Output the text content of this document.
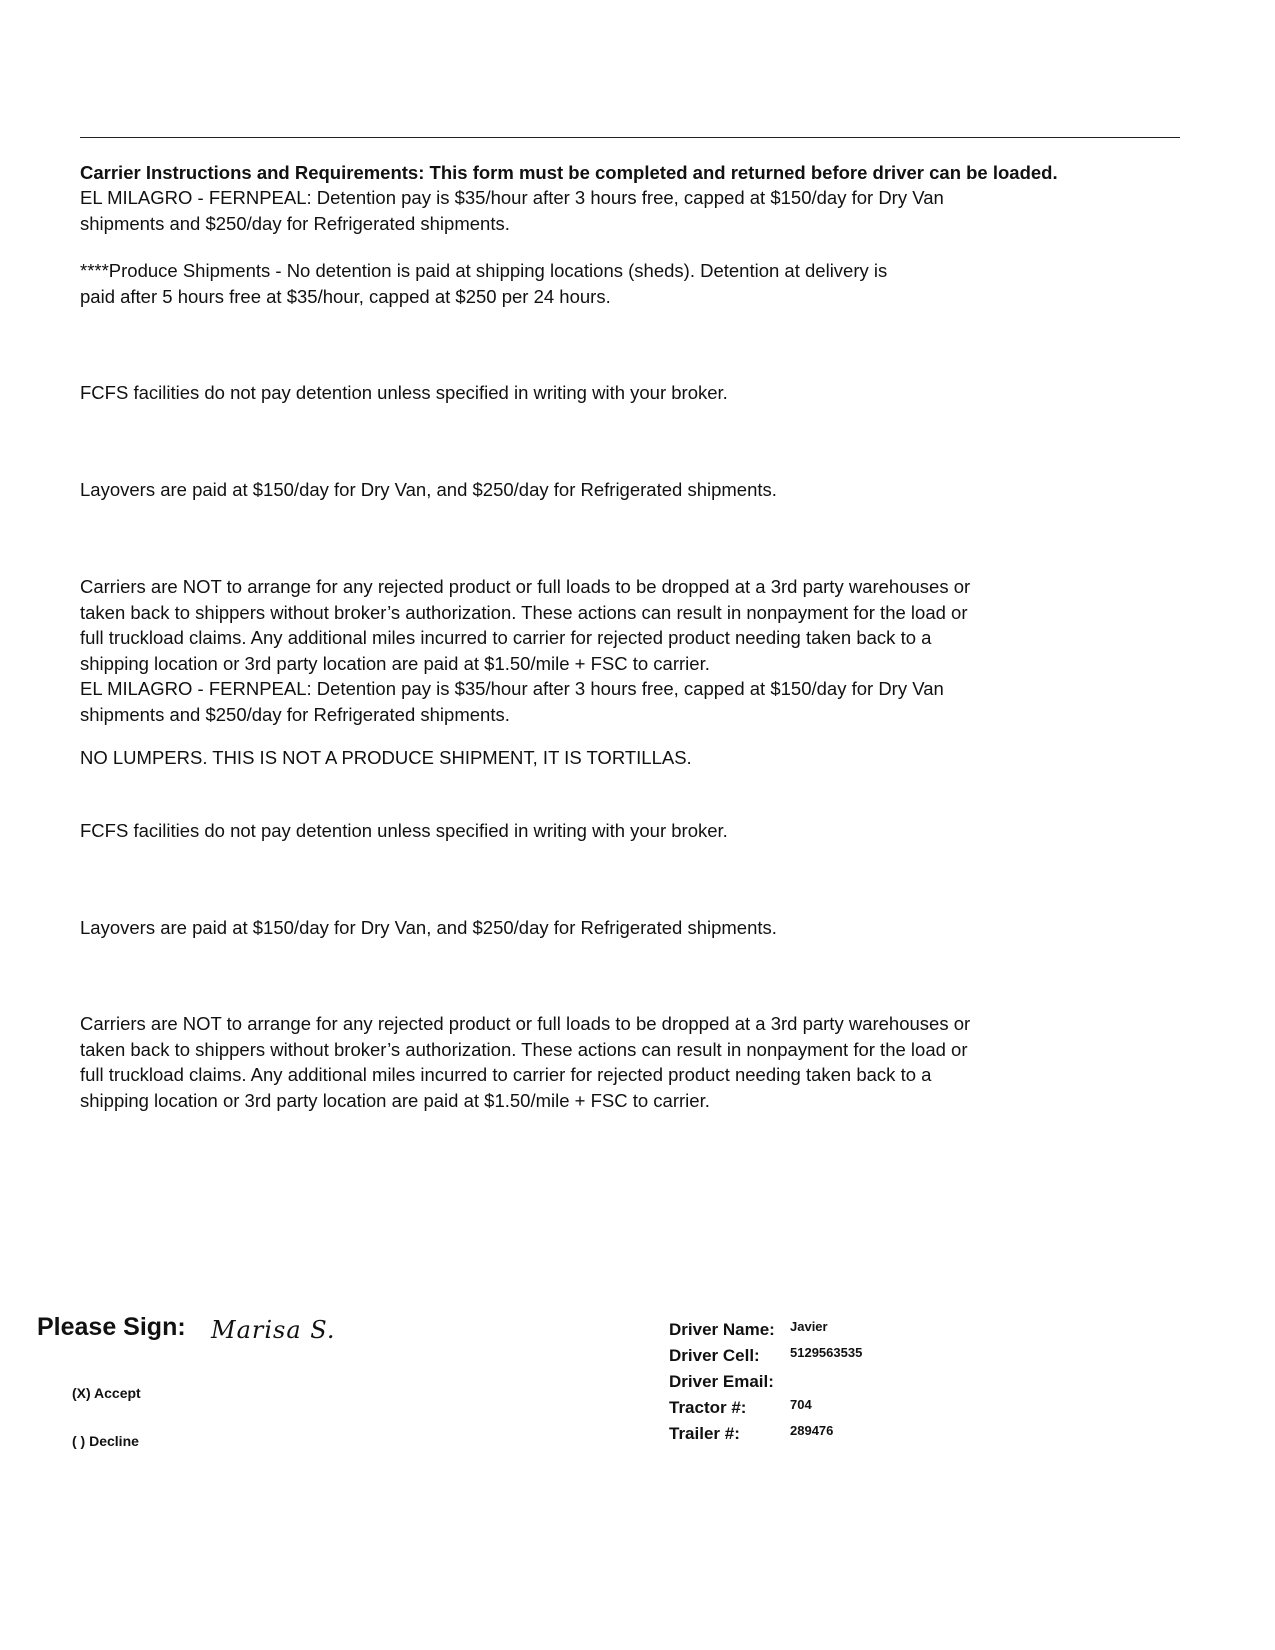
Carrier Instructions and Requirements: This form must be completed and returned before driver can be loaded.
EL MILAGRO - FERNPEAL: Detention pay is $35/hour after 3 hours free, capped at $150/day for Dry Van
shipments and $250/day for Refrigerated shipments.
****Produce Shipments - No detention is paid at shipping locations (sheds). Detention at delivery is
paid after 5 hours free at $35/hour, capped at $250 per 24 hours.
FCFS facilities do not pay detention unless specified in writing with your broker.
Layovers are paid at $150/day for Dry Van, and $250/day for Refrigerated shipments.
Carriers are NOT to arrange for any rejected product or full loads to be dropped at a 3rd party warehouses or
taken back to shippers without broker’s authorization. These actions can result in nonpayment for the load or
full truckload claims. Any additional miles incurred to carrier for rejected product needing taken back to a
shipping location or 3rd party location are paid at $1.50/mile + FSC to carrier.
EL MILAGRO - FERNPEAL: Detention pay is $35/hour after 3 hours free, capped at $150/day for Dry Van
shipments and $250/day for Refrigerated shipments.
NO LUMPERS. THIS IS NOT A PRODUCE SHIPMENT, IT IS TORTILLAS.
FCFS facilities do not pay detention unless specified in writing with your broker.
Layovers are paid at $150/day for Dry Van, and $250/day for Refrigerated shipments.
Carriers are NOT to arrange for any rejected product or full loads to be dropped at a 3rd party warehouses or
taken back to shippers without broker’s authorization. These actions can result in nonpayment for the load or
full truckload claims. Any additional miles incurred to carrier for rejected product needing taken back to a
shipping location or 3rd party location are paid at $1.50/mile + FSC to carrier.
Please Sign: Marisa S.
(X) Accept
( ) Decline
Driver Name: Javier
Driver Cell: 5129563535
Driver Email:
Tractor #:	704
Trailer #:	289476
